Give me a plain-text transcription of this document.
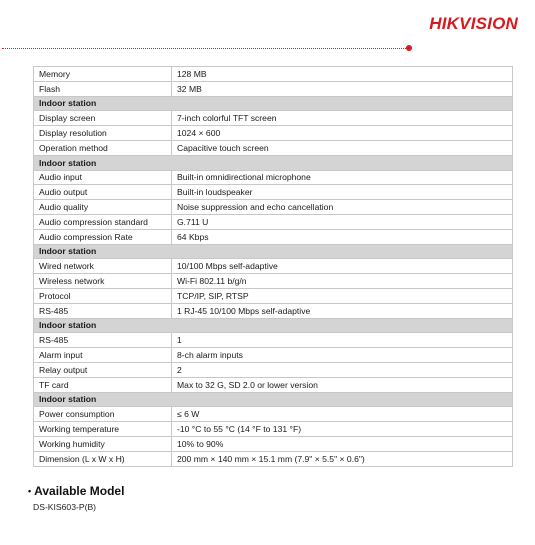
HIKVISION
Memory	128 MB
Flash	32 MB
Indoor station	
Display screen	7-inch colorful TFT screen
Display resolution	1024 × 600
Operation method	Capacitive touch screen
Indoor station	
Audio input	Built-in omnidirectional microphone
Audio output	Built-in loudspeaker
Audio quality	Noise suppression and echo cancellation
Audio compression standard	G.711 U
Audio compression Rate	64 Kbps
Indoor station	
Wired network	10/100 Mbps self-adaptive
Wireless network	Wi-Fi 802.11 b/g/n
Protocol	TCP/IP, SIP, RTSP
RS-485	1 RJ-45 10/100 Mbps self-adaptive
Indoor station	
RS-485	1
Alarm input	8-ch alarm inputs
Relay output	2
TF card	Max to 32 G, SD 2.0 or lower version
Indoor station	
Power consumption	≤ 6 W
Working temperature	-10 °C to 55 °C (14 °F to 131 °F)
Working humidity	10% to 90%
Dimension (L x W x H)	200 mm × 140 mm × 15.1 mm (7.9" × 5.5" × 0.6")
• Available Model
DS-KIS603-P(B)
